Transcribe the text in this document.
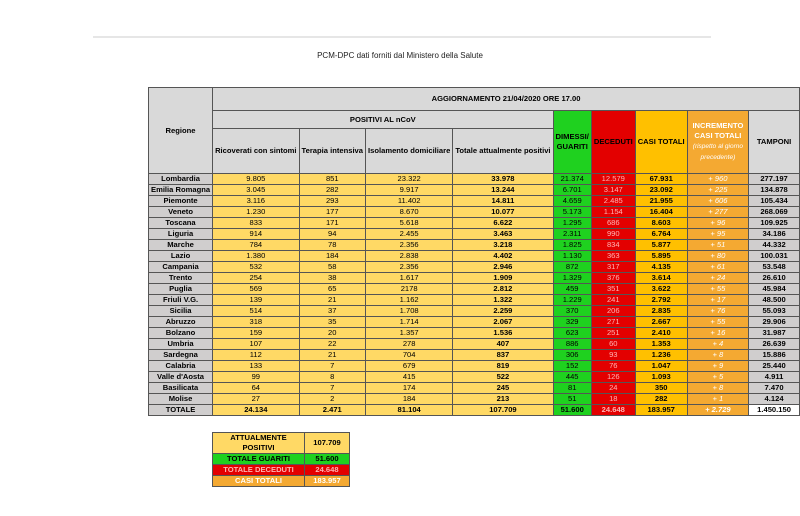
PCM-DPC dati forniti dal Ministero della Salute
Regione	AGGIORNAMENTO 21/04/2020 ORE 17.00								
	POSITIVI AL nCoV				DIMESSI/ GUARITI	DECEDUTI	CASI TOTALI	INCREMENTO CASI TOTALI
(rispetto al giorno precedente)	TAMPONI
	Ricoverati con sintomi	Terapia intensiva	Isolamento domiciliare	Totale attualmente positivi					
Lombardia	9.805	851	23.322	33.978	21.374	12.579	67.931	+ 960	277.197
Emilia Romagna	3.045	282	9.917	13.244	6.701	3.147	23.092	+ 225	134.878
Piemonte	3.116	293	11.402	14.811	4.659	2.485	21.955	+ 606	105.434
Veneto	1.230	177	8.670	10.077	5.173	1.154	16.404	+ 277	268.069
Toscana	833	171	5.618	6.622	1.295	686	8.603	+ 96	109.925
Liguria	914	94	2.455	3.463	2.311	990	6.764	+ 95	34.186
Marche	784	78	2.356	3.218	1.825	834	5.877	+ 51	44.332
Lazio	1.380	184	2.838	4.402	1.130	363	5.895	+ 80	100.031
Campania	532	58	2.356	2.946	872	317	4.135	+ 61	53.548
Trento	254	38	1.617	1.909	1.329	376	3.614	+ 24	26.610
Puglia	569	65	2178	2.812	459	351	3.622	+ 55	45.984
Friuli V.G.	139	21	1.162	1.322	1.229	241	2.792	+ 17	48.500
Sicilia	514	37	1.708	2.259	370	206	2.835	+ 76	55.093
Abruzzo	318	35	1.714	2.067	329	271	2.667	+ 55	29.906
Bolzano	159	20	1.357	1.536	623	251	2.410	+ 16	31.987
Umbria	107	22	278	407	886	60	1.353	+ 4	26.639
Sardegna	112	21	704	837	306	93	1.236	+ 8	15.886
Calabria	133	7	679	819	152	76	1.047	+ 9	25.440
Valle d'Aosta	99	8	415	522	445	126	1.093	+ 5	4.911
Basilicata	64	7	174	245	81	24	350	+ 8	7.470
Molise	27	2	184	213	51	18	282	+ 1	4.124
TOTALE	24.134	2.471	81.104	107.709	51.600	24.648	183.957	+ 2.729	1.450.150
ATTUALMENTE POSITIVI	107.709
TOTALE GUARITI	51.600
TOTALE DECEDUTI	24.648
CASI TOTALI	183.957
